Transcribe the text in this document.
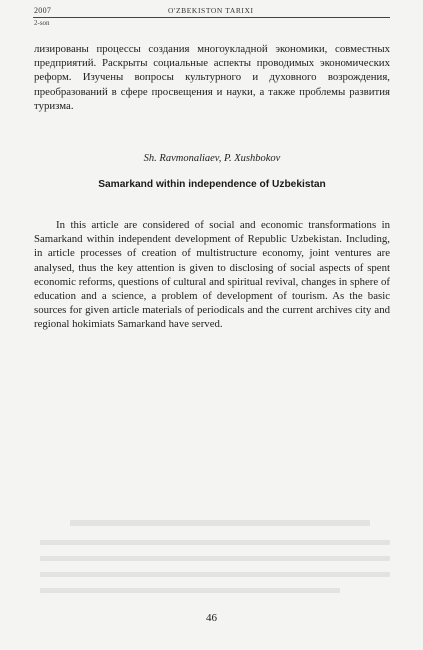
2007	O'ZBEKISTON TARIXI
2-son

лизированы процессы создания многоукладной экономики, совместных предприятий. Раскрыты социальные аспекты проводимых экономических реформ. Изучены вопросы культурного и духовного возрождения, преобразований в сфере просвещения и науки, а также проблемы развития туризма.

Sh. Ravmonaliaev, P. Xushbokov
Samarkand within independence of Uzbekistan

In this article are considered of social and economic transformations in Samarkand within independent development of Republic Uzbekistan. Including, in article processes of creation of multistructure economy, joint ventures are analysed, thus the key attention is given to disclosing of social aspects of spent economic reforms, questions of cultural and spiritual revival, changes in sphere of education and a science, a problem of development of tourism. As the basic sources for given article materials of periodicals and the current archives city and regional hokimiats Samarkand have served.

46
